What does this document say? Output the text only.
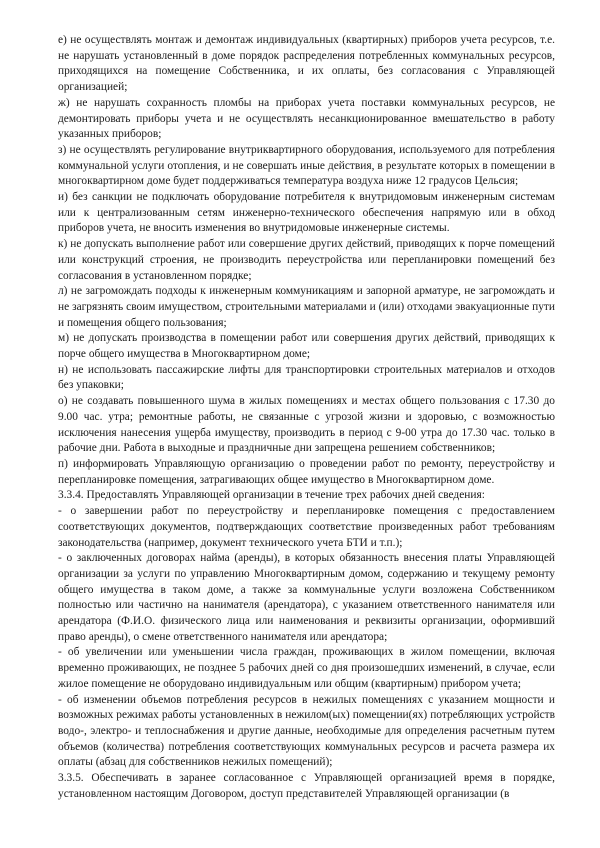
е) не осуществлять монтаж и демонтаж индивидуальных (квартирных) приборов учета ресурсов, т.е. не нарушать установленный в доме порядок распределения потребленных коммунальных ресурсов, приходящихся на помещение Собственника, и их оплаты, без согласования с Управляющей организацией;

ж) не нарушать сохранность пломбы на приборах учета поставки коммунальных ресурсов, не демонтировать приборы учета и не осуществлять несанкционированное вмешательство в работу указанных приборов;

з) не осуществлять регулирование внутриквартирного оборудования, используемого для потребления коммунальной услуги отопления, и не совершать иные действия, в результате которых в помещении в многоквартирном доме будет поддерживаться температура воздуха ниже 12 градусов Цельсия;

и) без санкции не подключать оборудование потребителя к внутридомовым инженерным системам или к централизованным сетям инженерно-технического обеспечения напрямую или в обход приборов учета, не вносить изменения во внутридомовые инженерные системы.

к) не допускать выполнение работ или совершение других действий, приводящих к порче помещений или конструкций строения, не производить переустройства или перепланировки помещений без согласования в установленном порядке;

л) не загромождать подходы к инженерным коммуникациям и запорной арматуре, не загромождать и не загрязнять своим имуществом, строительными материалами и (или) отходами эвакуационные пути и помещения общего пользования;

м) не допускать производства в помещении работ или совершения других действий, приводящих к порче общего имущества в Многоквартирном доме;

н) не использовать пассажирские лифты для транспортировки строительных материалов и отходов без упаковки;

о) не создавать повышенного шума в жилых помещениях и местах общего пользования с 17.30 до 9.00 час. утра; ремонтные работы, не связанные с угрозой жизни и здоровью, с возможностью исключения нанесения ущерба имуществу, производить в период с 9-00 утра до 17.30 час. только в рабочие дни. Работа в выходные и праздничные дни запрещена решением собственников;

п) информировать Управляющую организацию о проведении работ по ремонту, переустройству и перепланировке помещения, затрагивающих общее имущество в Многоквартирном доме.

3.3.4. Предоставлять Управляющей организации в течение трех рабочих дней сведения:

- о завершении работ по переустройству и перепланировке помещения с предоставлением соответствующих документов, подтверждающих соответствие произведенных работ требованиям законодательства (например, документ технического учета БТИ и т.п.);

- о заключенных договорах найма (аренды), в которых обязанность внесения платы Управляющей организации за услуги по управлению Многоквартирным домом, содержанию и текущему ремонту общего имущества в таком доме, а также за коммунальные услуги возложена Собственником полностью или частично на нанимателя (арендатора), с указанием ответственного нанимателя или арендатора (Ф.И.О. физического лица или наименования и реквизиты организации, оформивший право аренды), о смене ответственного нанимателя или арендатора;

- об увеличении или уменьшении числа граждан, проживающих в жилом помещении, включая временно проживающих, не позднее 5 рабочих дней со дня произошедших изменений, в случае, если жилое помещение не оборудовано индивидуальным или общим (квартирным) прибором учета;

- об изменении объемов потребления ресурсов в нежилых помещениях с указанием мощности и возможных режимах работы установленных в нежилом(ых) помещении(ях) потребляющих устройств водо-, электро- и теплоснабжения и другие данные, необходимые для определения расчетным путем объемов (количества) потребления соответствующих коммунальных ресурсов и расчета размера их оплаты (абзац для собственников нежилых помещений);

3.3.5. Обеспечивать в заранее согласованное с Управляющей организацией время в порядке, установленном настоящим Договором, доступ представителей Управляющей организации (в
